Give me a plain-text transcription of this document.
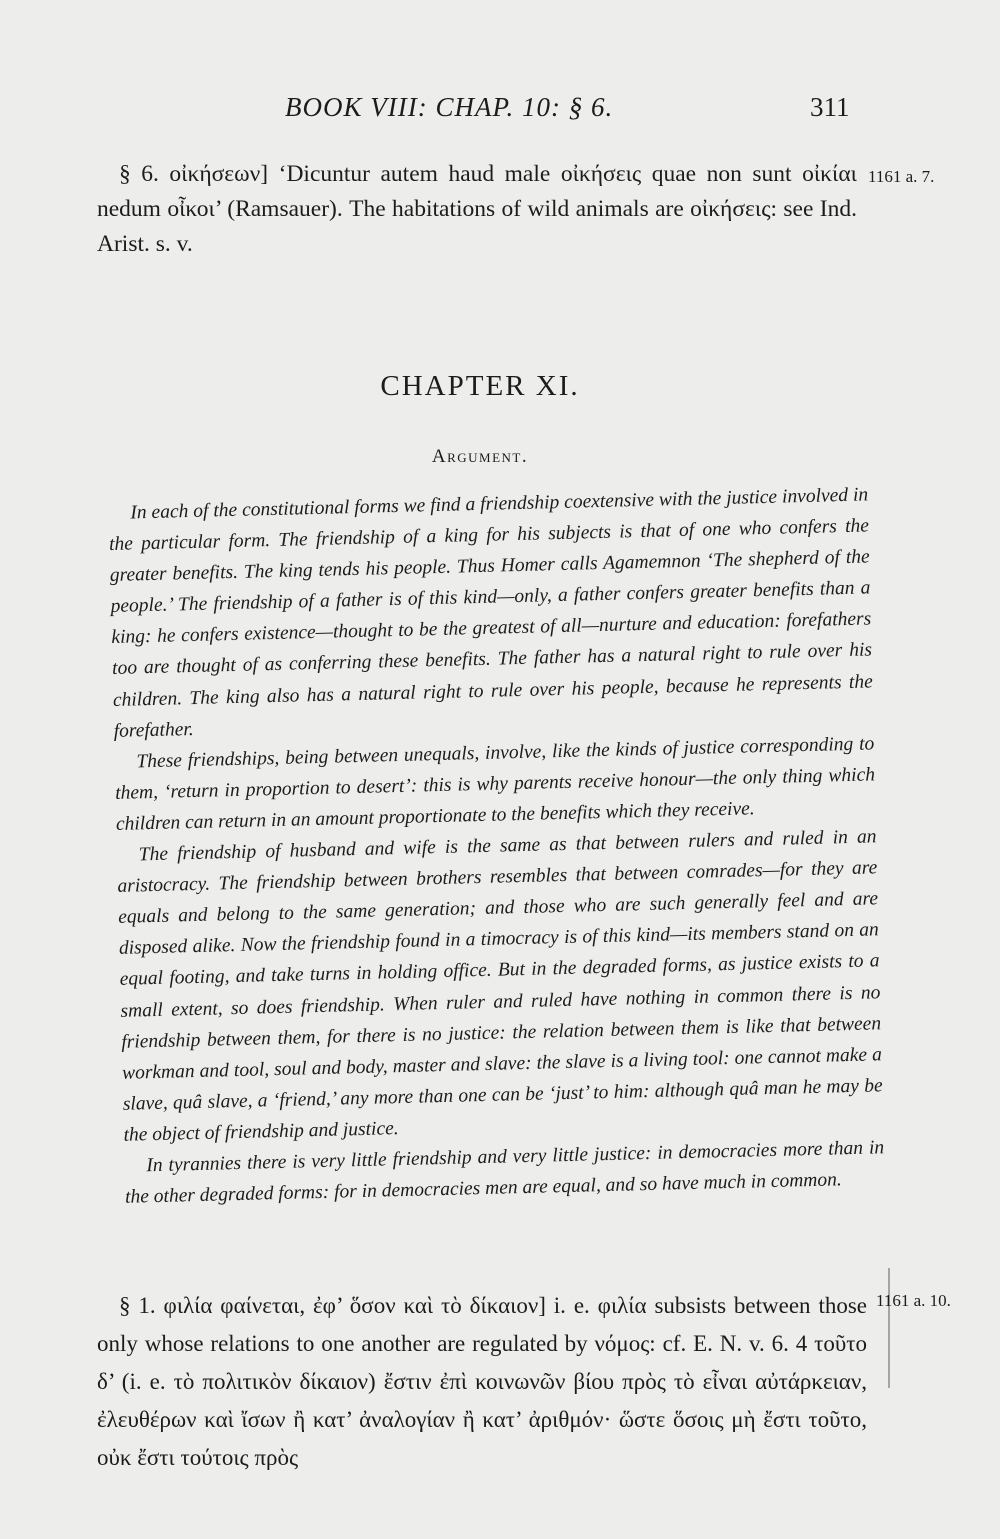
BOOK VIII: CHAP. 10: § 6.	311

§ 6. οἰκήσεων] ‘Dicuntur autem haud male οἰκήσεις quae non sunt οἰκίαι nedum οἶκοι’ (Ramsauer). The habitations of wild animals are οἰκήσεις: see Ind. Arist. s. v.

1161 a. 7.
CHAPTER XI.
Argument.

In each of the constitutional forms we find a friendship coextensive with the justice involved in the particular form. The friendship of a king for his subjects is that of one who confers the greater benefits. The king tends his people. Thus Homer calls Agamemnon ‘The shepherd of the people.’ The friendship of a father is of this kind—only, a father confers greater benefits than a king: he confers existence—thought to be the greatest of all—nurture and education: forefathers too are thought of as conferring these benefits. The father has a natural right to rule over his children. The king also has a natural right to rule over his people, because he represents the forefather.

These friendships, being between unequals, involve, like the kinds of justice corresponding to them, ‘return in proportion to desert’: this is why parents receive honour—the only thing which children can return in an amount proportionate to the benefits which they receive.

The friendship of husband and wife is the same as that between rulers and ruled in an aristocracy. The friendship between brothers resembles that between comrades—for they are equals and belong to the same generation; and those who are such generally feel and are disposed alike. Now the friendship found in a timocracy is of this kind—its members stand on an equal footing, and take turns in holding office. But in the degraded forms, as justice exists to a small extent, so does friendship. When ruler and ruled have nothing in common there is no friendship between them, for there is no justice: the relation between them is like that between workman and tool, soul and body, master and slave: the slave is a living tool: one cannot make a slave, quâ slave, a ‘friend,’ any more than one can be ‘just’ to him: although quâ man he may be the object of friendship and justice.

In tyrannies there is very little friendship and very little justice: in democracies more than in the other degraded forms: for in democracies men are equal, and so have much in common.

§ 1. φιλία φαίνεται, ἐφ’ ὅσον καὶ τὸ δίκαιον] i. e. φιλία subsists between those only whose relations to one another are regulated by νόμος: cf. E. N. v. 6. 4 τοῦτο δ’ (i. e. τὸ πολιτικὸν δίκαιον) ἔστιν ἐπὶ κοινωνῶν βίου πρὸς τὸ εἶναι αὐτάρκειαν, ἐλευθέρων καὶ ἴσων ἢ κατ’ ἀναλογίαν ἢ κατ’ ἀριθμόν· ὥστε ὅσοις μὴ ἔστι τοῦτο, οὐκ ἔστι τούτοις πρὸς

1161 a. 10.
